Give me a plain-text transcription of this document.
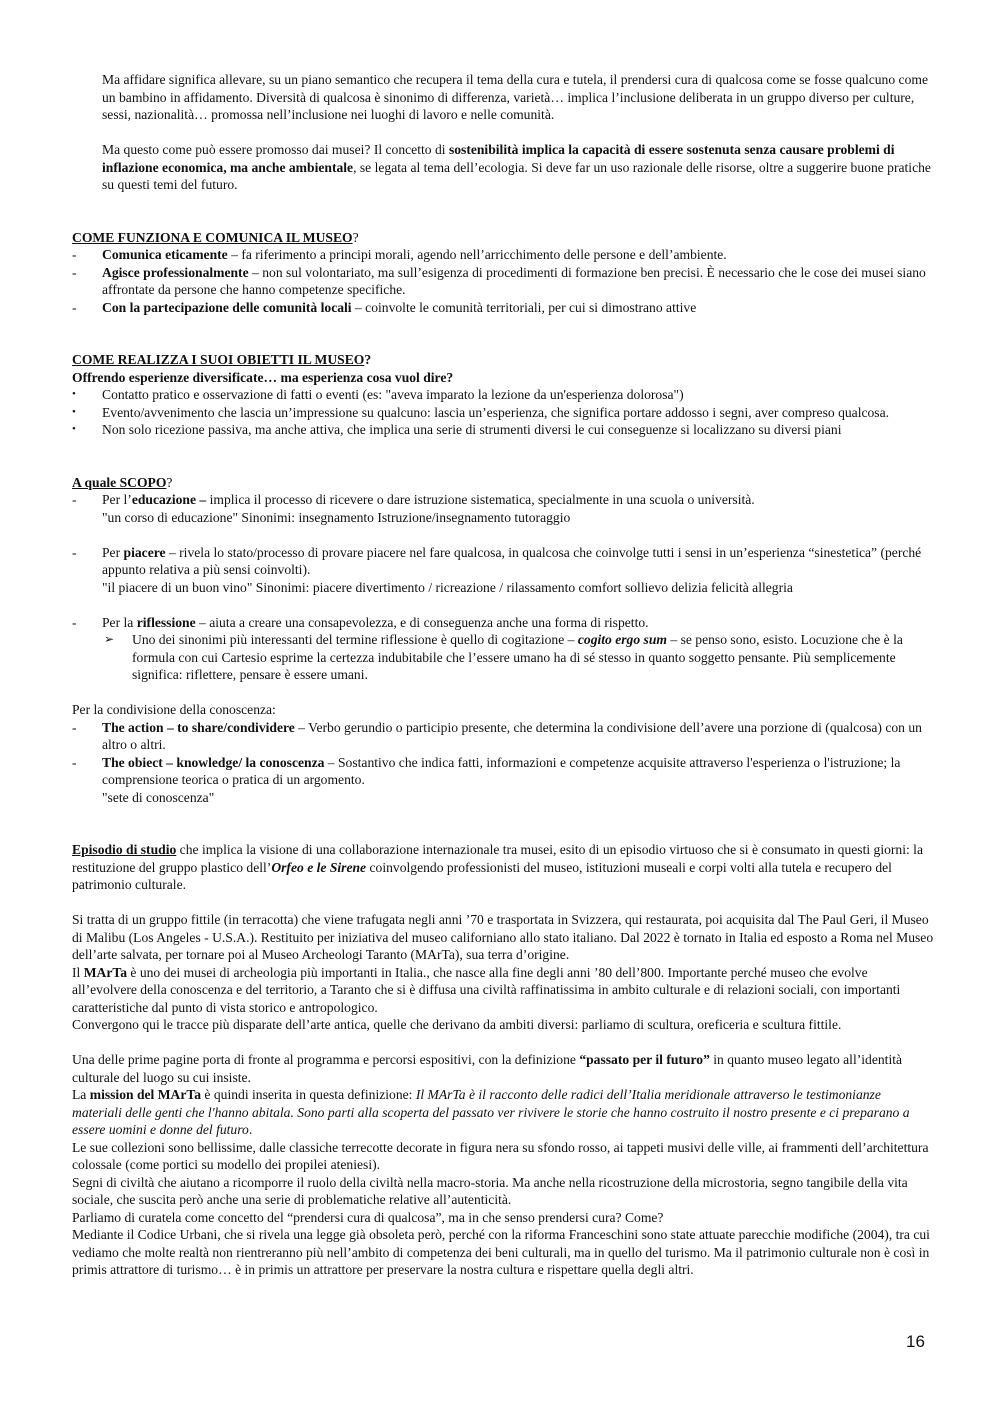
Ma affidare significa allevare, su un piano semantico che recupera il tema della cura e tutela, il prendersi cura di qualcosa come se fosse qualcuno come un bambino in affidamento. Diversità di qualcosa è sinonimo di differenza, varietà… implica l’inclusione deliberata in un gruppo diverso per culture, sessi, nazionalità… promossa nell’inclusione nei luoghi di lavoro e nelle comunità.

Ma questo come può essere promosso dai musei? Il concetto di sostenibilità implica la capacità di essere sostenuta senza causare problemi di inflazione economica, ma anche ambientale, se legata al tema dell’ecologia. Si deve far un uso razionale delle risorse, oltre a suggerire buone pratiche su questi temi del futuro.

COME FUNZIONA E COMUNICA IL MUSEO?

- Comunica eticamente – fa riferimento a principi morali, agendo nell’arricchimento delle persone e dell’ambiente.

- Agisce professionalmente – non sul volontariato, ma sull’esigenza di procedimenti di formazione ben precisi. È necessario che le cose dei musei siano affrontate da persone che hanno competenze specifiche.

- Con la partecipazione delle comunità locali – coinvolte le comunità territoriali, per cui si dimostrano attive

COME REALIZZA I SUOI OBIETTI IL MUSEO?

Offrendo esperienze diversificate… ma esperienza cosa vuol dire?

• Contatto pratico e osservazione di fatti o eventi (es: "aveva imparato la lezione da un'esperienza dolorosa")

• Evento/avvenimento che lascia un’impressione su qualcuno: lascia un’esperienza, che significa portare addosso i segni, aver compreso qualcosa.

• Non solo ricezione passiva, ma anche attiva, che implica una serie di strumenti diversi le cui conseguenze si localizzano su diversi piani

A quale SCOPO?

- Per l’educazione – implica il processo di ricevere o dare istruzione sistematica, specialmente in una scuola o università.

"un corso di educazione" Sinonimi: insegnamento Istruzione/insegnamento tutoraggio

- Per piacere – rivela lo stato/processo di provare piacere nel fare qualcosa, in qualcosa che coinvolge tutti i sensi in un’esperienza “sinestetica” (perché appunto relativa a più sensi coinvolti).

"il piacere di un buon vino" Sinonimi: piacere divertimento / ricreazione / rilassamento comfort sollievo delizia felicità allegria

- Per la riflessione – aiuta a creare una consapevolezza, e di conseguenza anche una forma di rispetto.

➢ Uno dei sinonimi più interessanti del termine riflessione è quello di cogitazione – cogito ergo sum – se penso sono, esisto. Locuzione che è la formula con cui Cartesio esprime la certezza indubitabile che l’essere umano ha di sé stesso in quanto soggetto pensante. Più semplicemente significa: riflettere, pensare è essere umani.

Per la condivisione della conoscenza:

- The action – to share/condividere – Verbo gerundio o participio presente, che determina la condivisione dell’avere una porzione di (qualcosa) con un altro o altri.

- The obiect – knowledge/ la conoscenza – Sostantivo che indica fatti, informazioni e competenze acquisite attraverso l'esperienza o l'istruzione; la comprensione teorica o pratica di un argomento.

"sete di conoscenza"

Episodio di studio che implica la visione di una collaborazione internazionale tra musei, esito di un episodio virtuoso che si è consumato in questi giorni: la restituzione del gruppo plastico dell’Orfeo e le Sirene coinvolgendo professionisti del museo, istituzioni museali e corpi volti alla tutela e recupero del patrimonio culturale.

Si tratta di un gruppo fittile (in terracotta) che viene trafugata negli anni ’70 e trasportata in Svizzera, qui restaurata, poi acquisita dal The Paul Geri, il Museo di Malibu (Los Angeles - U.S.A.). Restituito per iniziativa del museo californiano allo stato italiano. Dal 2022 è tornato in Italia ed esposto a Roma nel Museo dell’arte salvata, per tornare poi al Museo Archeologi Taranto (MArTa), sua terra d’origine.

Il MArTa è uno dei musei di archeologia più importanti in Italia., che nasce alla fine degli anni ’80 dell’800. Importante perché museo che evolve all’evolvere della conoscenza e del territorio, a Taranto che si è diffusa una civiltà raffinatissima in ambito culturale e di relazioni sociali, con importanti caratteristiche dal punto di vista storico e antropologico.

Convergono qui le tracce più disparate dell’arte antica, quelle che derivano da ambiti diversi: parliamo di scultura, oreficeria e scultura fittile.

Una delle prime pagine porta di fronte al programma e percorsi espositivi, con la definizione “passato per il futuro” in quanto museo legato all’identità culturale del luogo su cui insiste.

La mission del MArTa è quindi inserita in questa definizione: Il MArTa è il racconto delle radici dell’Italia meridionale attraverso le testimonianze materiali delle genti che l'hanno abitala. Sono parti alla scoperta del passato ver rivivere le storie che hanno costruito il nostro presente e ci preparano a essere uomini e donne del futuro.

Le sue collezioni sono bellissime, dalle classiche terrecotte decorate in figura nera su sfondo rosso, ai tappeti musivi delle ville, ai frammenti dell’architettura colossale (come portici su modello dei propilei ateniesi).

Segni di civiltà che aiutano a ricomporre il ruolo della civiltà nella macro-storia. Ma anche nella ricostruzione della microstoria, segno tangibile della vita sociale, che suscita però anche una serie di problematiche relative all’autenticità.

Parliamo di curatela come concetto del “prendersi cura di qualcosa”, ma in che senso prendersi cura? Come?

Mediante il Codice Urbani, che si rivela una legge già obsoleta però, perché con la riforma Franceschini sono state attuate parecchie modifiche (2004), tra cui vediamo che molte realtà non rientreranno più nell’ambito di competenza dei beni culturali, ma in quello del turismo. Ma il patrimonio culturale non è così in primis attrattore di turismo… è in primis un attrattore per preservare la nostra cultura e rispettare quella degli altri.

16
